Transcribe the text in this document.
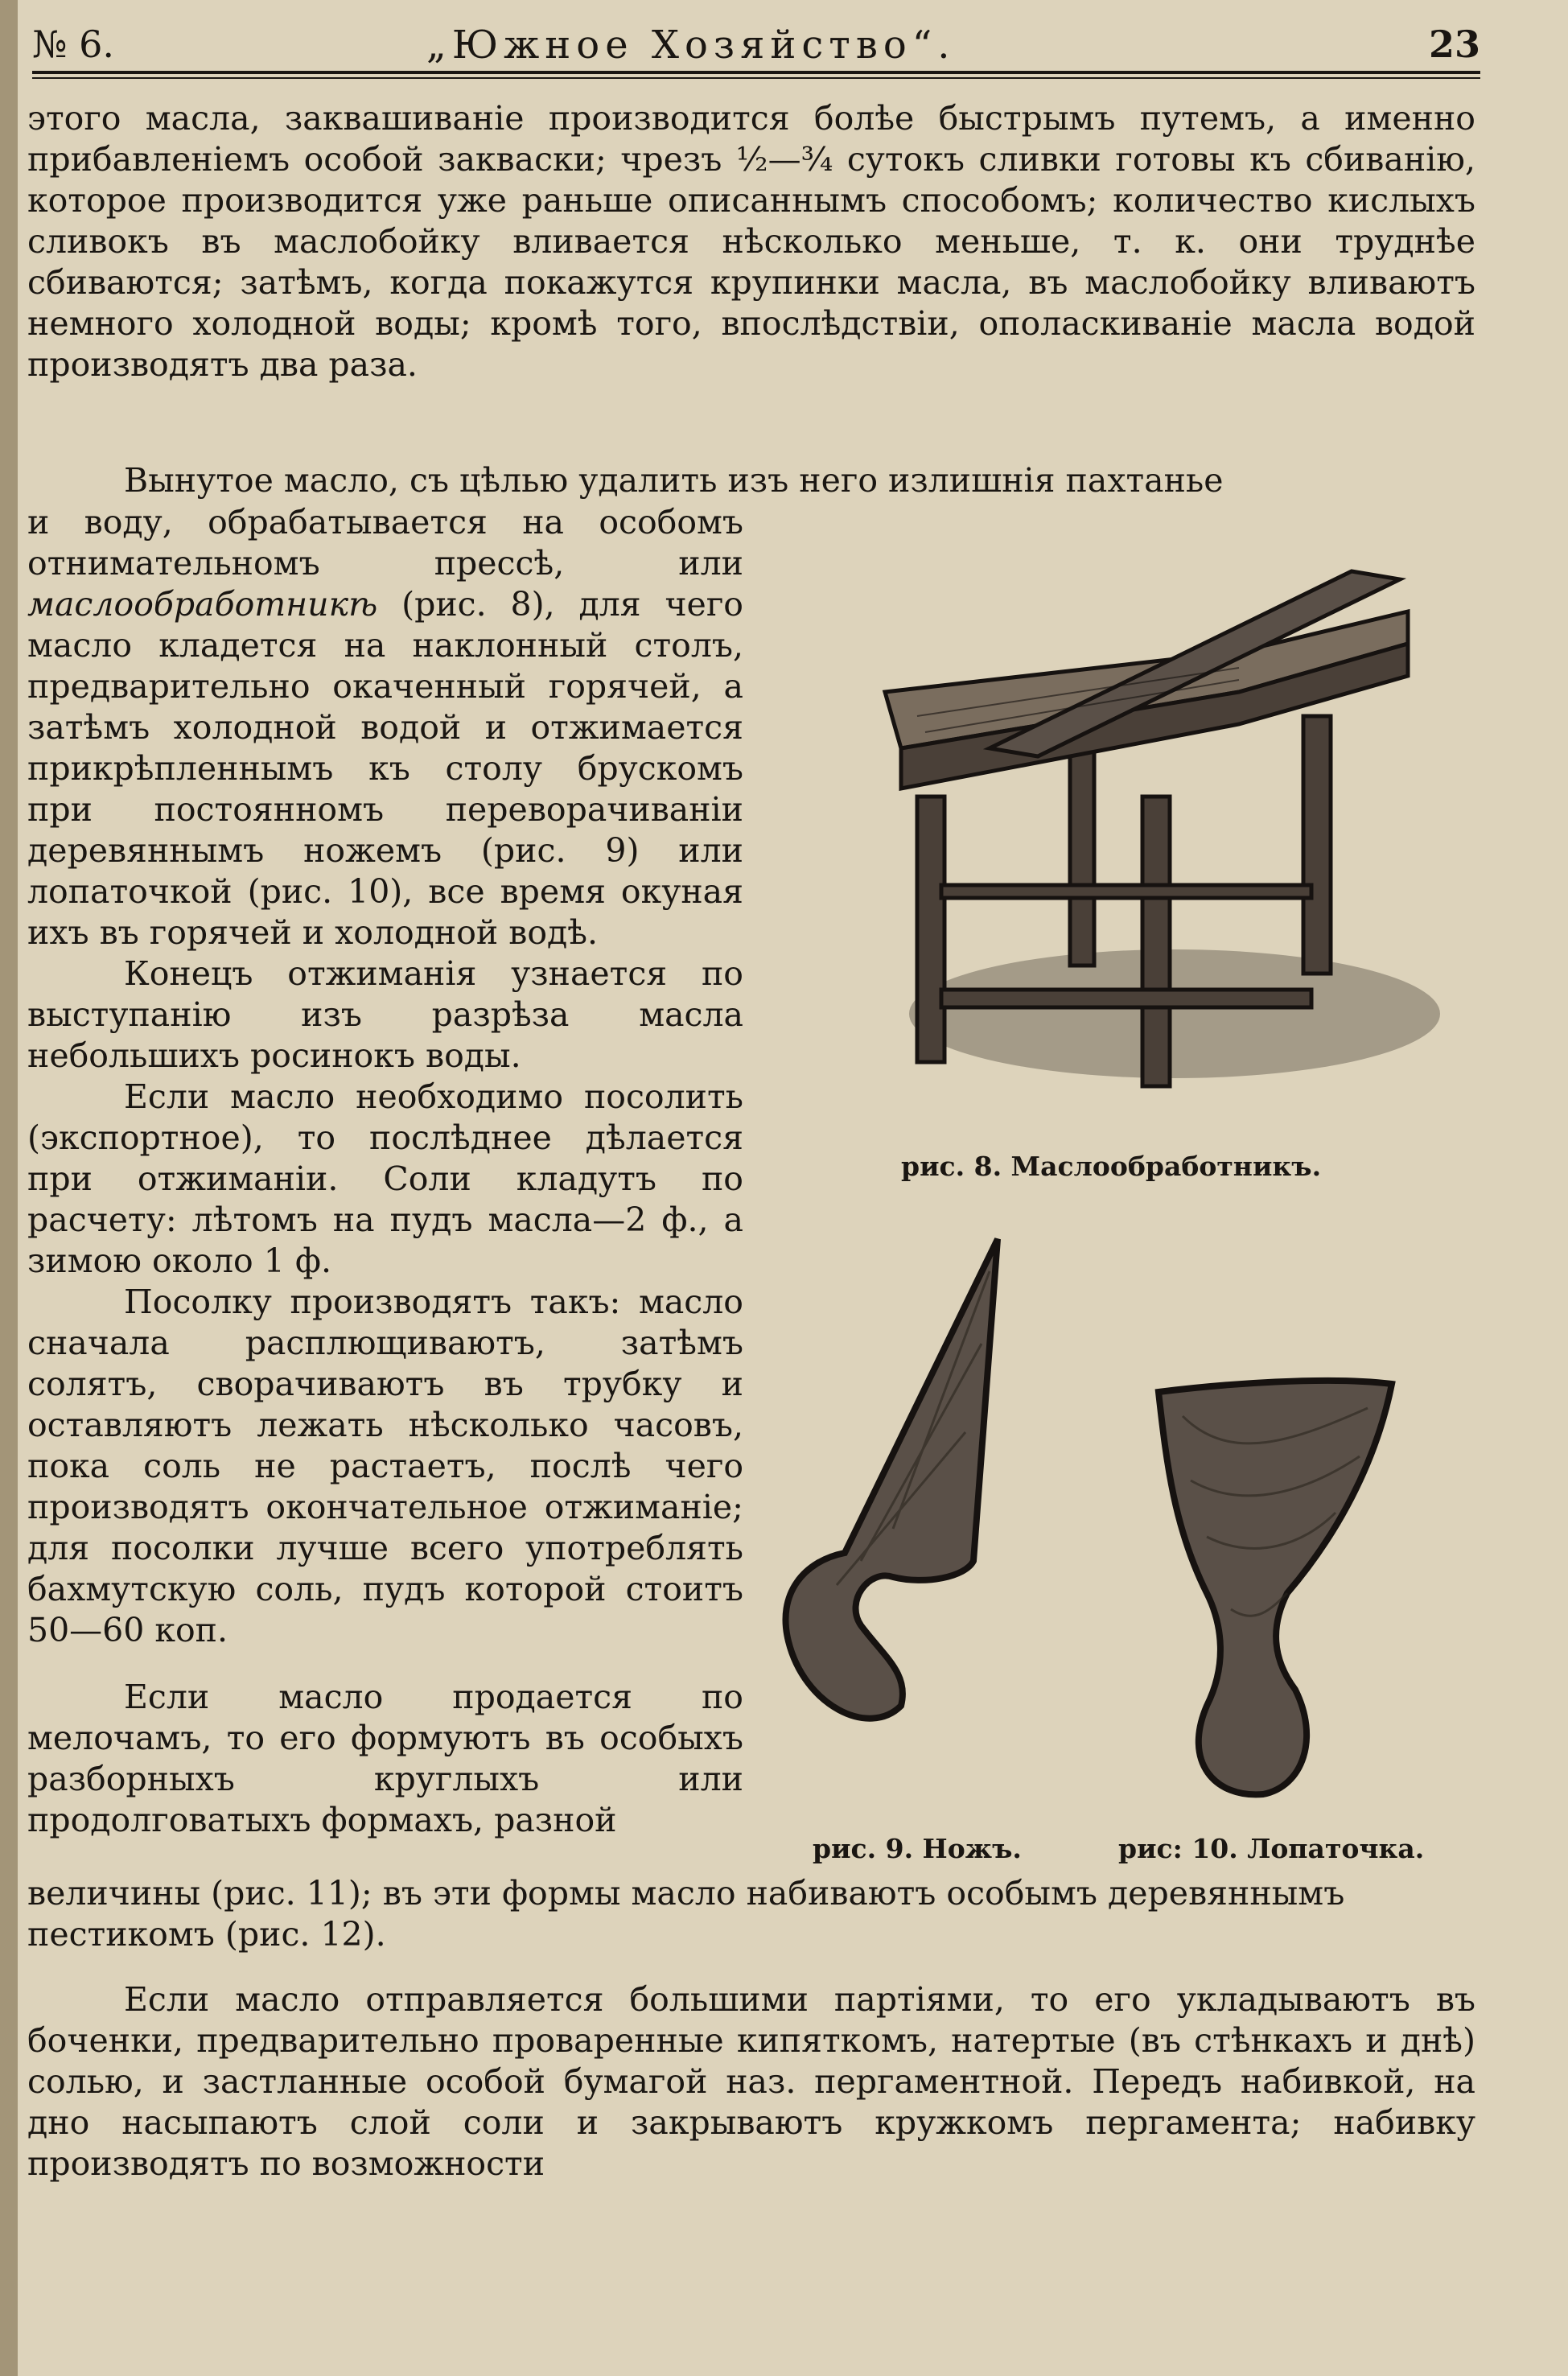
№ 6.	„Южное Хозяйство“.	23

этого масла, заквашиваніе производится болѣе быстрымъ путемъ, а именно прибавленіемъ особой закваски; чрезъ ½—¾ сутокъ сливки готовы къ сбиванію, которое производится уже раньше описаннымъ способомъ; количество кислыхъ сливокъ въ маслобойку вливается нѣсколько меньше, т. к. они труднѣе сбиваются; затѣмъ, когда покажутся крупинки масла, въ маслобойку вливаютъ немного холодной воды; кромѣ того, впослѣдствіи, ополаскиваніе масла водой производятъ два раза.

Вынутое масло, съ цѣлью удалить изъ него излишнія пахтанье

и воду, обрабатывается на особомъ отнимательномъ прессѣ, или маслообработникѣ (рис. 8), для чего масло кладется на наклонный столъ, предварительно окаченный горячей, а затѣмъ холодной водой и отжимается прикрѣпленнымъ къ столу брускомъ при постоянномъ переворачиваніи деревяннымъ ножемъ (рис. 9) или лопаточкой (рис. 10), все время окуная ихъ въ горячей и холодной водѣ.

Конецъ отжиманія узнается по выступанію изъ разрѣза масла небольшихъ росинокъ воды.

Если масло необходимо посолить (экспортное), то послѣднее дѣлается при отжиманіи. Соли кладутъ по расчету: лѣтомъ на пудъ масла—2 ф., а зимою около 1 ф.

Посолку производятъ такъ: масло сначала расплющиваютъ, затѣмъ солятъ, сворачиваютъ въ трубку и оставляютъ лежать нѣсколько часовъ, пока соль не растаетъ, послѣ чего производятъ окончательное отжиманіе; для посолки лучше всего употреблять бахмутскую соль, пудъ которой стоитъ 50—60 коп.

Если масло продается по мелочамъ, то его формуютъ въ особыхъ разборныхъ круглыхъ или продолговатыхъ формахъ, разной

величины (рис. 11); въ эти формы масло набиваютъ особымъ деревяннымъ пестикомъ (рис. 12).

Если масло отправляется большими партіями, то его укладываютъ въ боченки, предварительно проваренные кипяткомъ, натертые (въ стѣнкахъ и днѣ) солью, и застланные особой бумагой наз. пергаментной. Передъ набивкой, на дно насыпаютъ слой соли и закрываютъ кружкомъ пергамента; набивку производятъ по возможности

рис. 8. Маслообработникъ.
рис. 9. Ножъ.	рис: 10. Лопаточка.
